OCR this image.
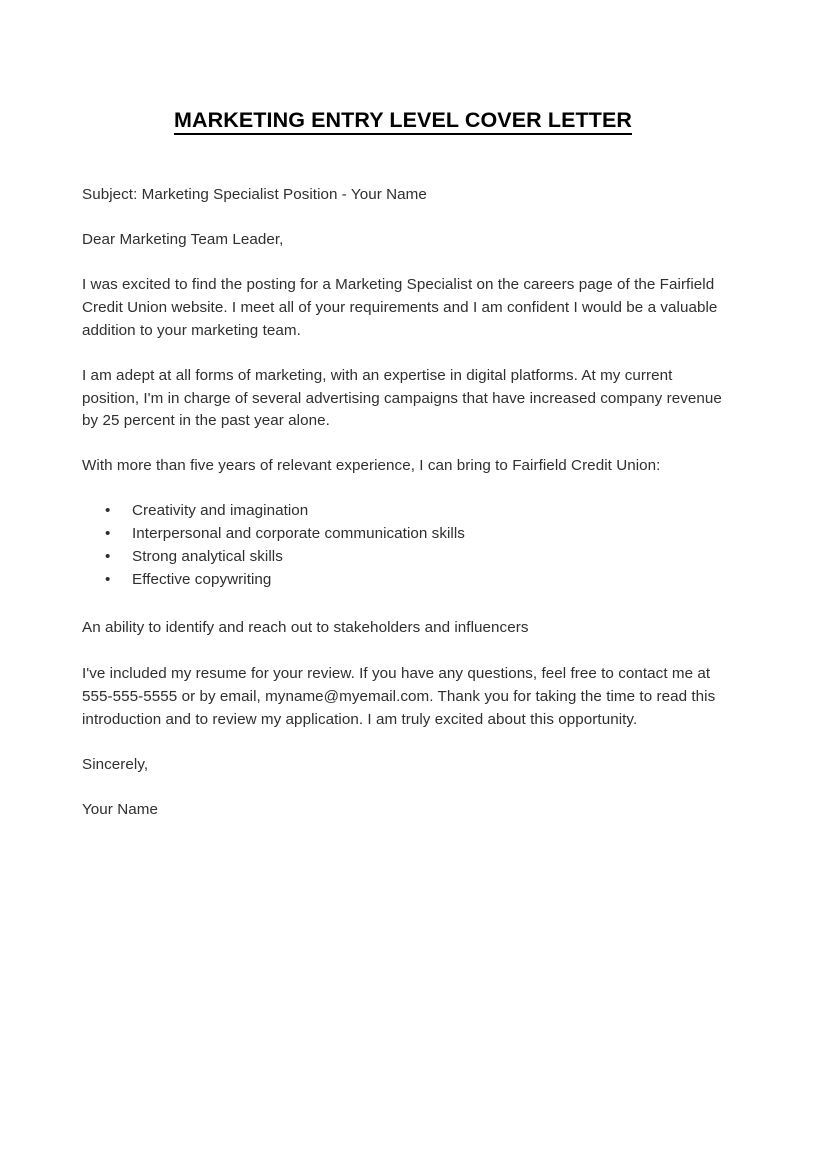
MARKETING ENTRY LEVEL COVER LETTER

Subject: Marketing Specialist Position - Your Name

Dear Marketing Team Leader,

I was excited to find the posting for a Marketing Specialist on the careers page of the Fairfield Credit Union website. I meet all of your requirements and I am confident I would be a valuable addition to your marketing team.

I am adept at all forms of marketing, with an expertise in digital platforms. At my current position, I'm in charge of several advertising campaigns that have increased company revenue by 25 percent in the past year alone.

With more than five years of relevant experience, I can bring to Fairfield Credit Union:

•	Creativity and imagination
•	Interpersonal and corporate communication skills
•	Strong analytical skills
•	Effective copywriting

An ability to identify and reach out to stakeholders and influencers

I've included my resume for your review. If you have any questions, feel free to contact me at 555-555-5555 or by email, myname@myemail.com. Thank you for taking the time to read this introduction and to review my application. I am truly excited about this opportunity.

Sincerely,

Your Name
